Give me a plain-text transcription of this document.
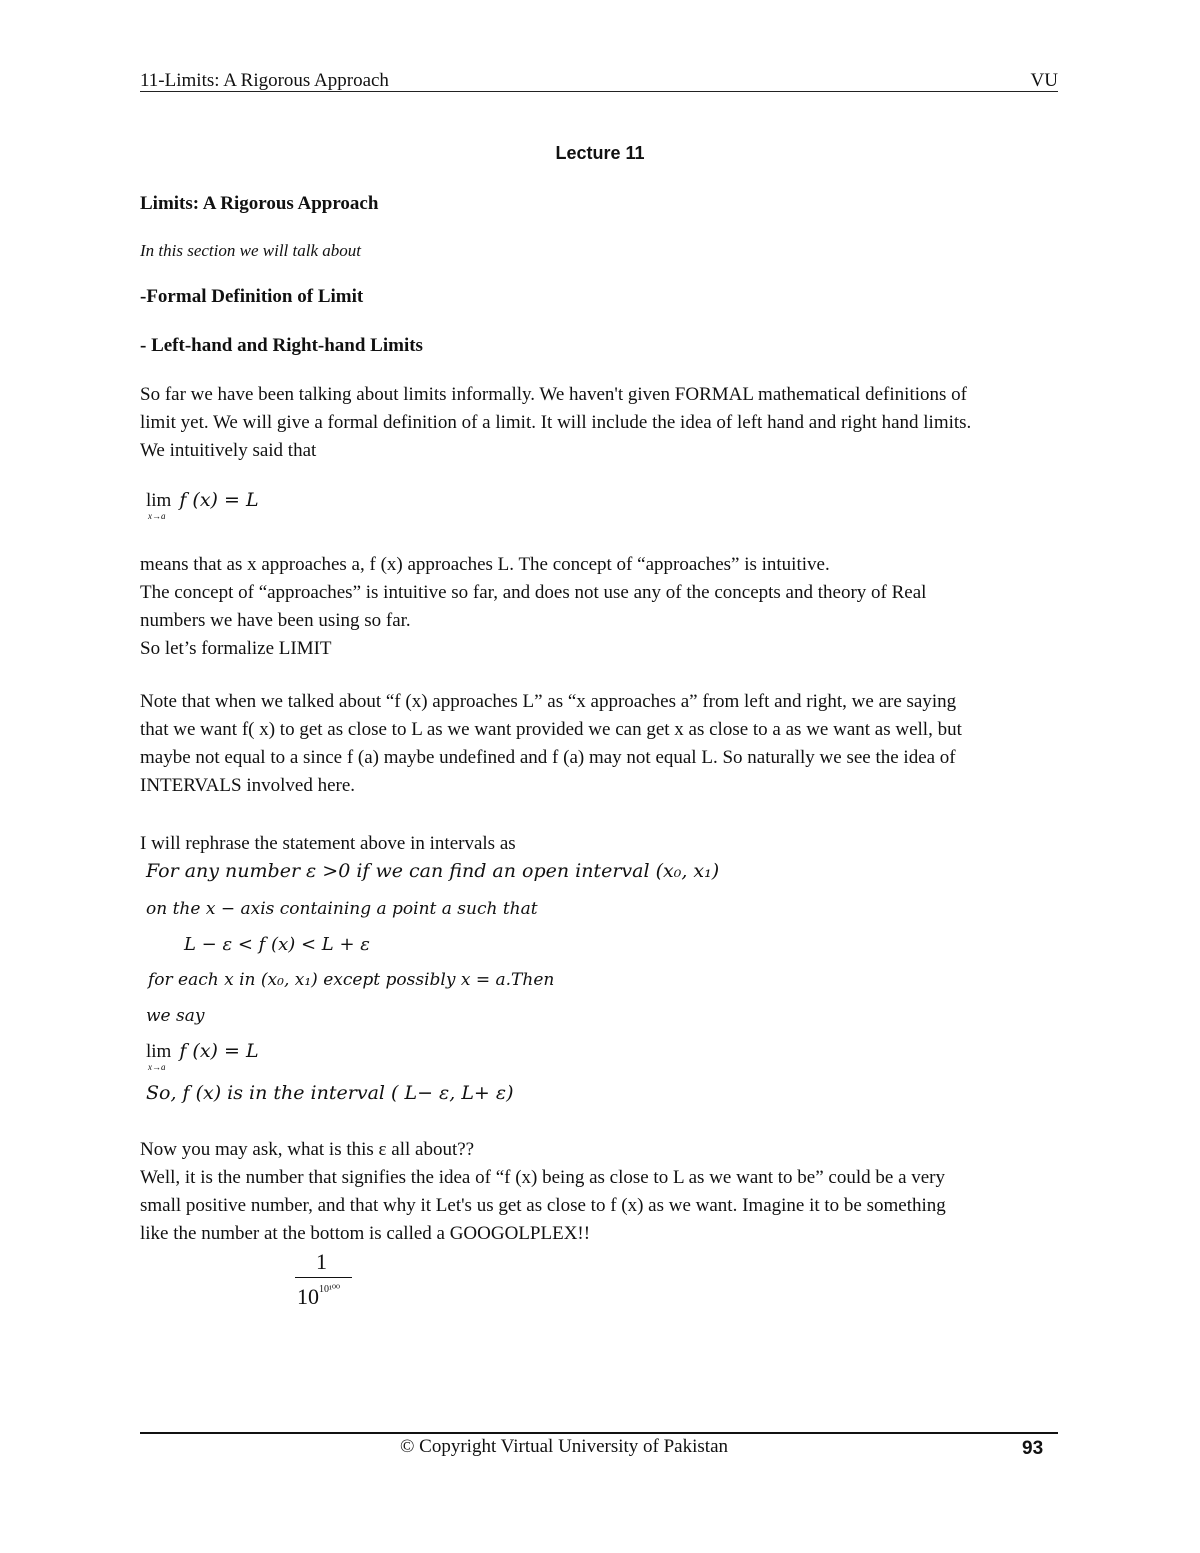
11-Limits: A Rigorous Approach	VU
Lecture 11
Limits: A Rigorous Approach
In this section we will talk about
-Formal Definition of Limit
- Left-hand and Right-hand Limits
So far we have been talking about limits informally. We haven't given FORMAL mathematical definitions of
limit yet. We will give a formal definition of a limit. It will include the idea of left hand and right hand limits.
We intuitively said that
lim f (x) = L
x→a
means that as x approaches a, f (x) approaches L. The concept of “approaches” is intuitive.
The concept of “approaches” is intuitive so far, and does not use any of the concepts and theory of Real
numbers we have been using so far.
So let’s formalize LIMIT
Note that when we talked about “f (x) approaches L” as “x approaches a” from left and right, we are saying
that we want f( x) to get as close to L as we want provided we can get x as close to a as we want as well, but
maybe not equal to a since f (a) maybe undefined and f (a) may not equal L. So naturally we see the idea of
INTERVALS involved here.
I will rephrase the statement above in intervals as
For any number ε >0 if we can find an open interval (x₀, x₁)
on the x − axis containing a point a such that
L − ε < f (x) < L + ε
for each x in (x₀, x₁) except possibly x = a.Then
we say
lim f (x) = L
x→a
So, f (x) is in the interval ( L− ε, L+ ε)
Now you may ask, what is this ε all about??
Well, it is the number that signifies the idea of “f (x) being as close to L as we want to be” could be a very
small positive number, and that why it Let's us get as close to f (x) as we want. Imagine it to be something
like the number at the bottom is called a GOOGOLPLEX!!
1
$10^{10^{100}}$
© Copyright Virtual University of Pakistan	93
